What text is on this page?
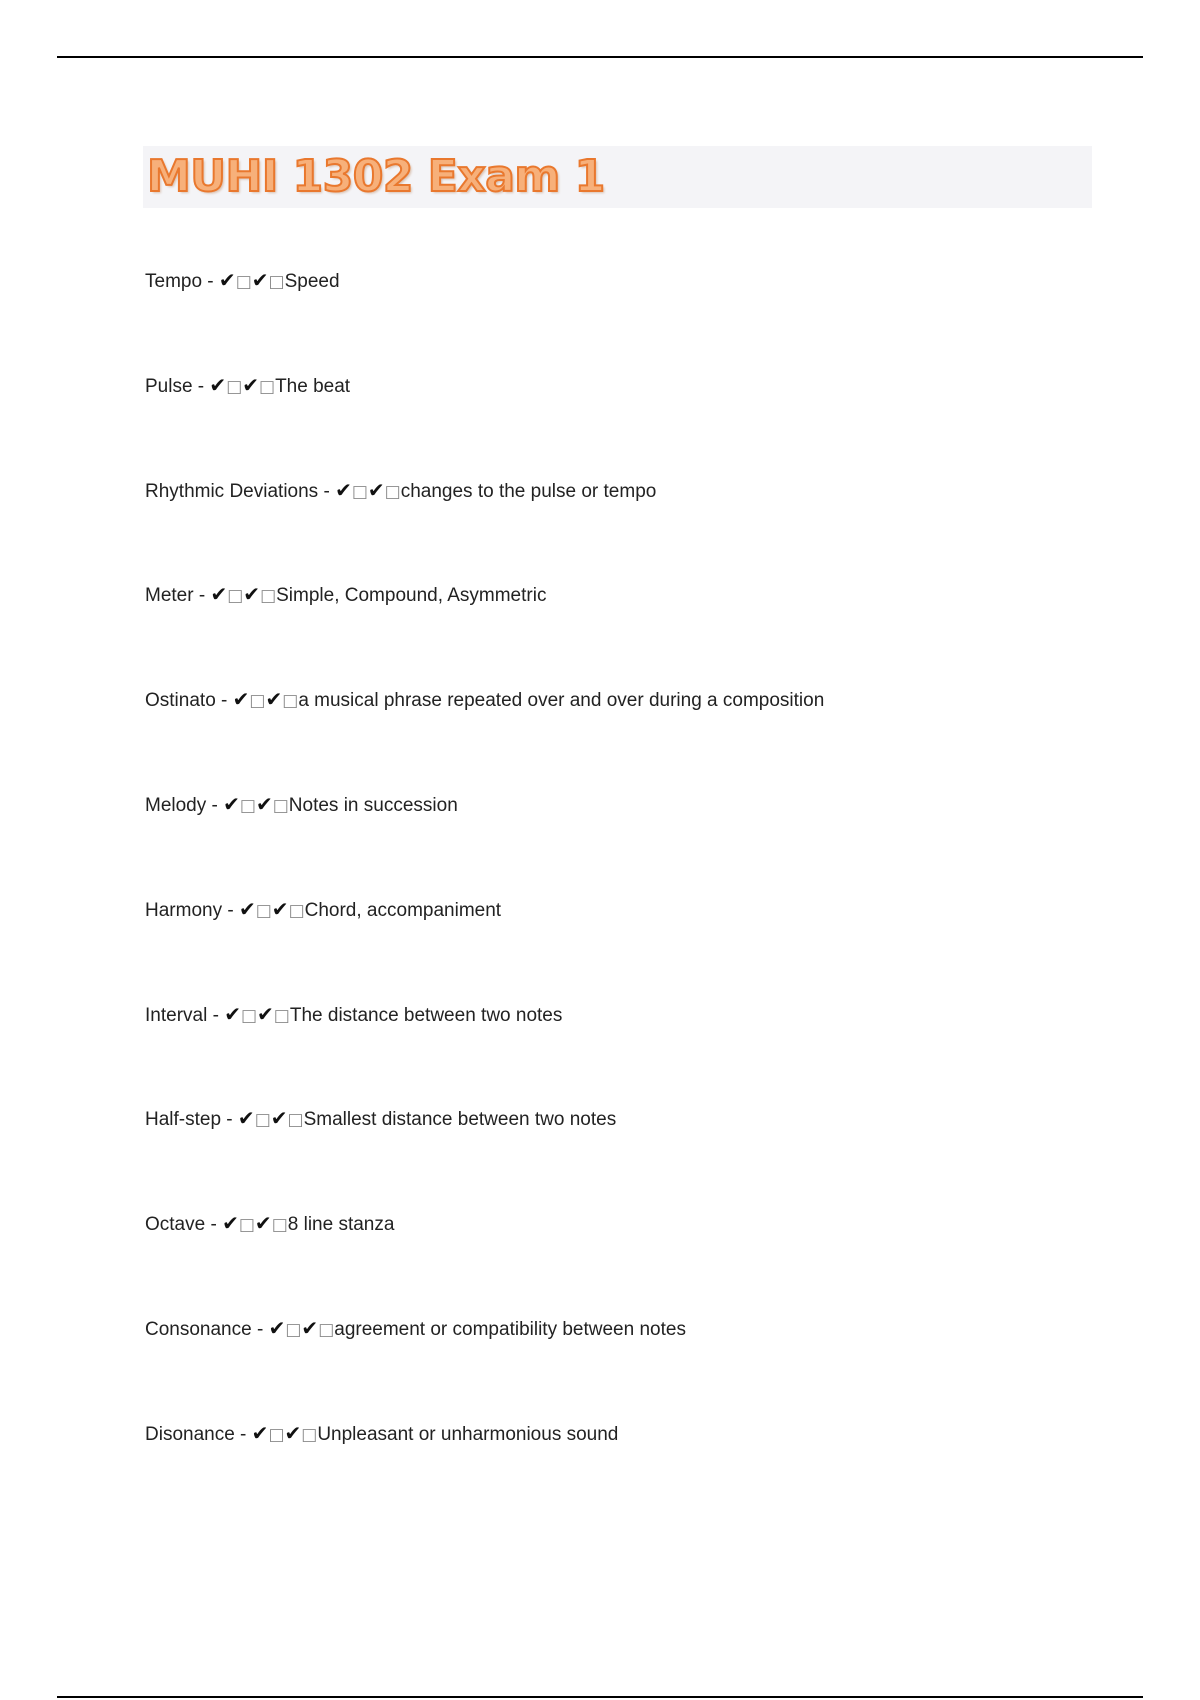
MUHI 1302 Exam 1
Tempo - ✔□✔□Speed
Pulse - ✔□✔□The beat
Rhythmic Deviations - ✔□✔□changes to the pulse or tempo
Meter - ✔□✔□Simple, Compound, Asymmetric
Ostinato - ✔□✔□a musical phrase repeated over and over during a composition
Melody - ✔□✔□Notes in succession
Harmony - ✔□✔□Chord, accompaniment
Interval - ✔□✔□The distance between two notes
Half-step - ✔□✔□Smallest distance between two notes
Octave - ✔□✔□8 line stanza
Consonance - ✔□✔□agreement or compatibility between notes
Disonance - ✔□✔□Unpleasant or unharmonious sound
